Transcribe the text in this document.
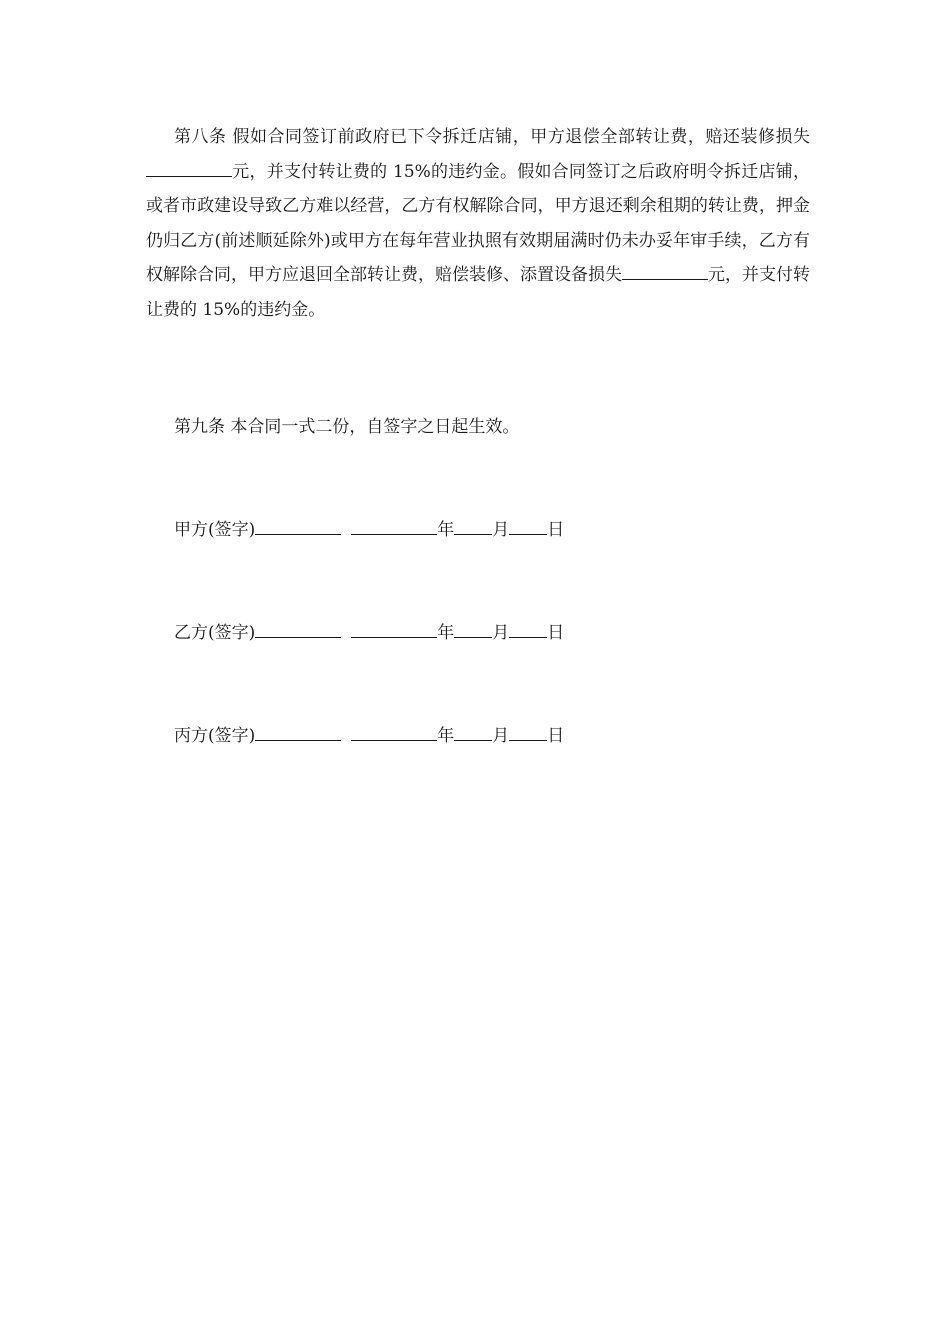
第八条 假如合同签订前政府已下令拆迁店铺，甲方退偿全部转让费，赔还装修损失元，并支付转让费的 15%的违约金。假如合同签订之后政府明令拆迁店铺，或者市政建设导致乙方难以经营，乙方有权解除合同，甲方退还剩余租期的转让费，押金仍归乙方(前述顺延除外)或甲方在每年营业执照有效期届满时仍未办妥年审手续，乙方有权解除合同，甲方应退回全部转让费，赔偿装修、添置设备损失	元，并支付转让费的 15%的违约金。

第九条 本合同一式二份，自签字之日起生效。

甲方(签字)	年 月 日
乙方(签字)	年 月 日
丙方(签字)	年 月 日
